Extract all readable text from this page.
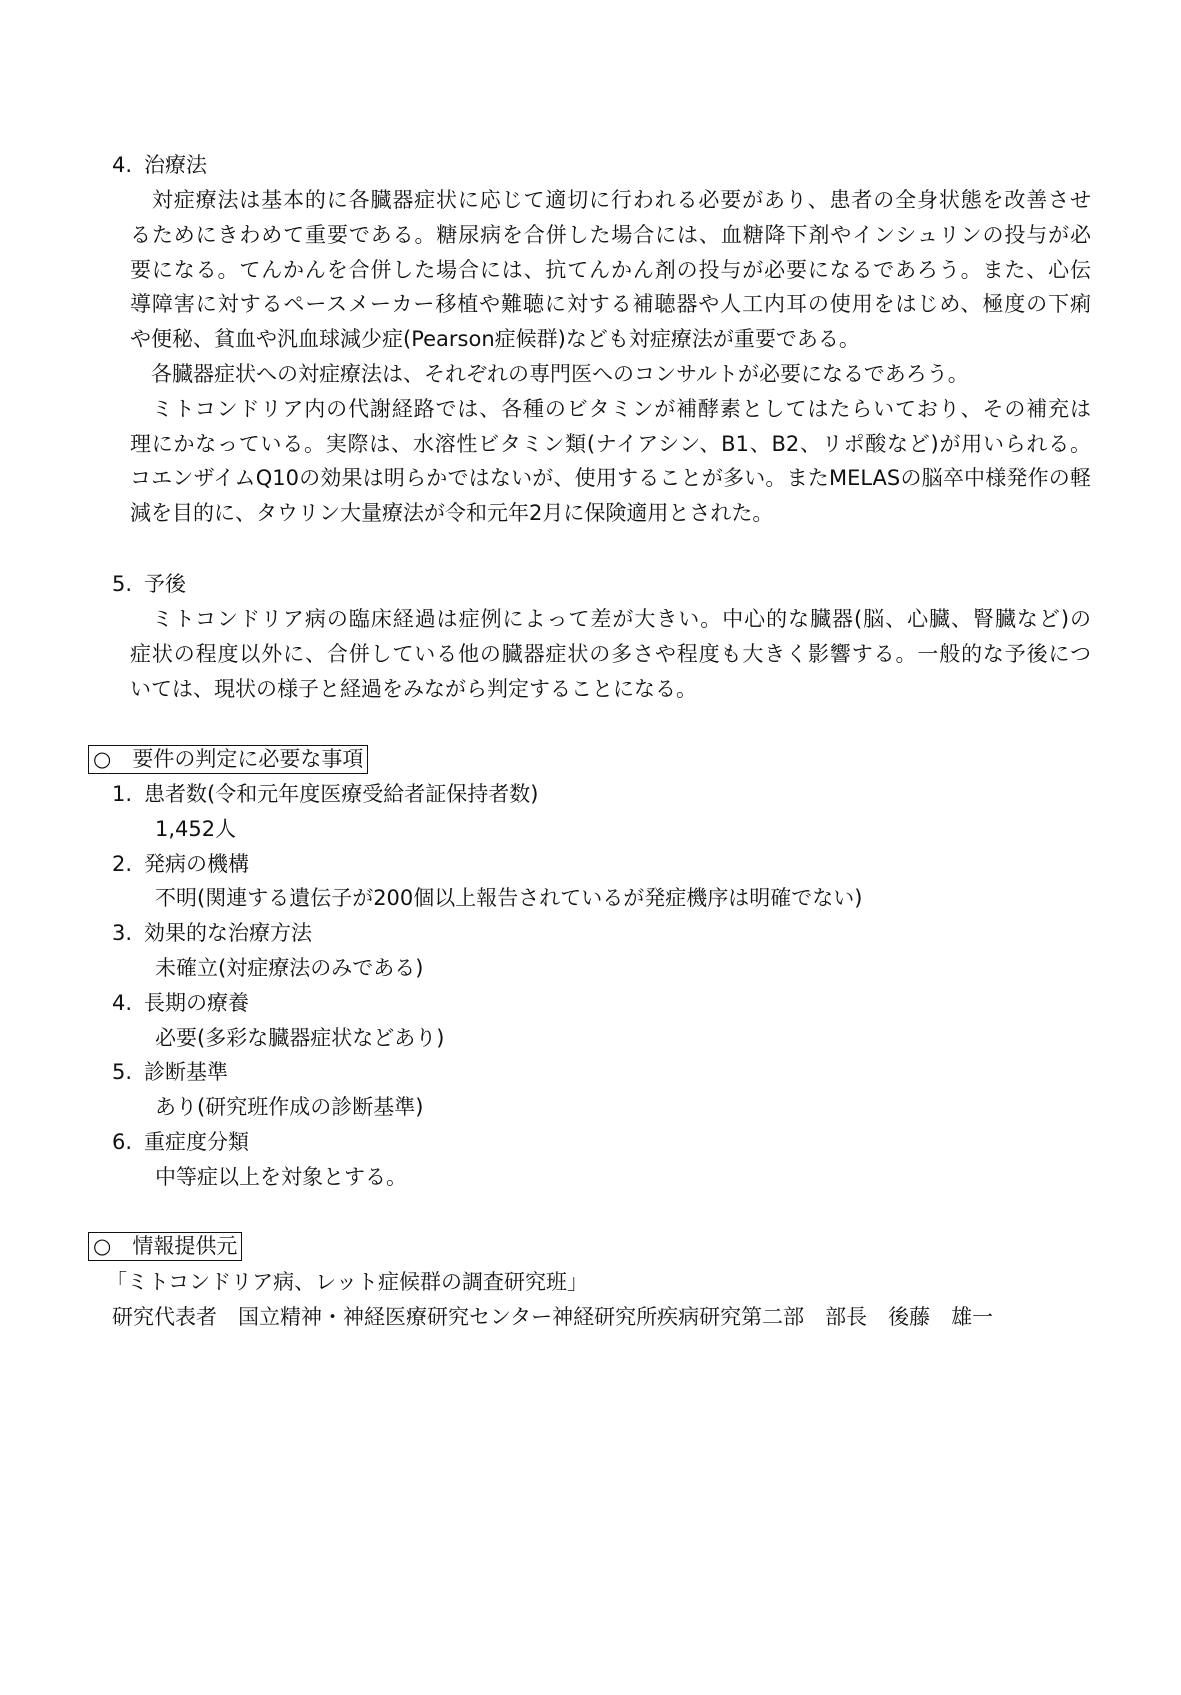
4. 治療法
　対症療法は基本的に各臓器症状に応じて適切に行われる必要があり、患者の全身状態を改善させ
るためにきわめて重要である。糖尿病を合併した場合には、血糖降下剤やインシュリンの投与が必
要になる。てんかんを合併した場合には、抗てんかん剤の投与が必要になるであろう。また、心伝
導障害に対するペースメーカー移植や難聴に対する補聴器や人工内耳の使用をはじめ、極度の下痢
や便秘、貧血や汎血球減少症(Pearson症候群)なども対症療法が重要である。
　各臓器症状への対症療法は、それぞれの専門医へのコンサルトが必要になるであろう。
　ミトコンドリア内の代謝経路では、各種のビタミンが補酵素としてはたらいており、その補充は
理にかなっている。実際は、水溶性ビタミン類(ナイアシン、B1、B2、リポ酸など)が用いられる。
コエンザイムQ10の効果は明らかではないが、使用することが多い。またMELASの脳卒中様発作の軽
減を目的に、タウリン大量療法が令和元年2月に保険適用とされた。
5. 予後
　ミトコンドリア病の臨床経過は症例によって差が大きい。中心的な臓器(脳、心臓、腎臓など)の
症状の程度以外に、合併している他の臓器症状の多さや程度も大きく影響する。一般的な予後につ
いては、現状の様子と経過をみながら判定することになる。
○　要件の判定に必要な事項
1. 患者数(令和元年度医療受給者証保持者数)
1,452人
2. 発病の機構
不明(関連する遺伝子が200個以上報告されているが発症機序は明確でない)
3. 効果的な治療方法
未確立(対症療法のみである)
4. 長期の療養
必要(多彩な臓器症状などあり)
5. 診断基準
あり(研究班作成の診断基準)
6. 重症度分類
中等症以上を対象とする。
○　情報提供元
「ミトコンドリア病、レット症候群の調査研究班」
研究代表者　国立精神・神経医療研究センター神経研究所疾病研究第二部　部長　後藤　雄一
